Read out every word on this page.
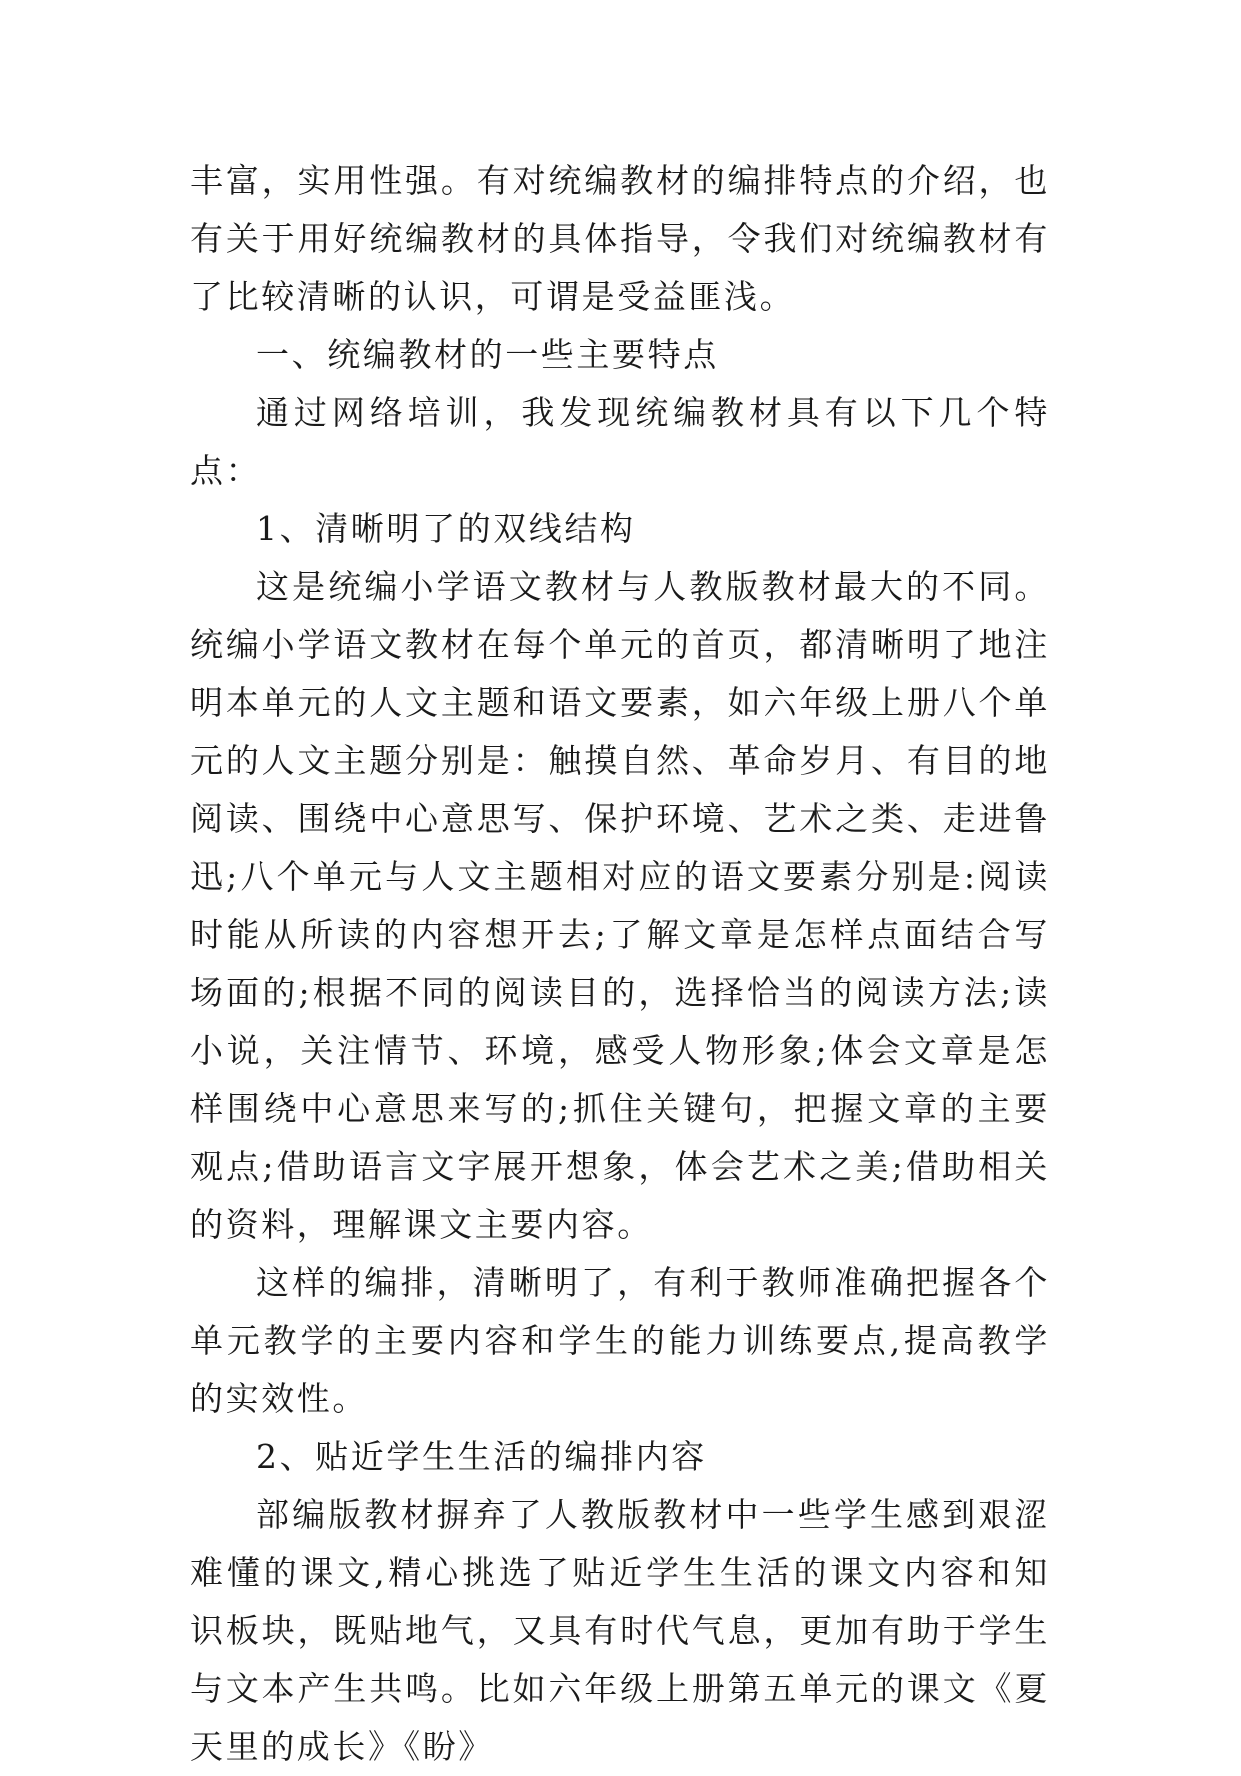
丰富，实用性强。有对统编教材的编排特点的介绍，也有关于用好统编教材的具体指导，令我们对统编教材有了比较清晰的认识，可谓是受益匪浅。

一、统编教材的一些主要特点

通过网络培训，我发现统编教材具有以下几个特点：

1、清晰明了的双线结构

这是统编小学语文教材与人教版教材最大的不同。统编小学语文教材在每个单元的首页，都清晰明了地注明本单元的人文主题和语文要素，如六年级上册八个单元的人文主题分别是：触摸自然、革命岁月、有目的地阅读、围绕中心意思写、保护环境、艺术之类、走进鲁迅;八个单元与人文主题相对应的语文要素分别是:阅读时能从所读的内容想开去;了解文章是怎样点面结合写场面的;根据不同的阅读目的，选择恰当的阅读方法;读小说，关注情节、环境，感受人物形象;体会文章是怎样围绕中心意思来写的;抓住关键句，把握文章的主要观点;借助语言文字展开想象，体会艺术之美;借助相关的资料，理解课文主要内容。

这样的编排，清晰明了，有利于教师准确把握各个单元教学的主要内容和学生的能力训练要点,提高教学的实效性。

2、贴近学生生活的编排内容

部编版教材摒弃了人教版教材中一些学生感到艰涩难懂的课文,精心挑选了贴近学生生活的课文内容和知识板块，既贴地气，又具有时代气息，更加有助于学生与文本产生共鸣。比如六年级上册第五单元的课文《夏天里的成长》《盼》
